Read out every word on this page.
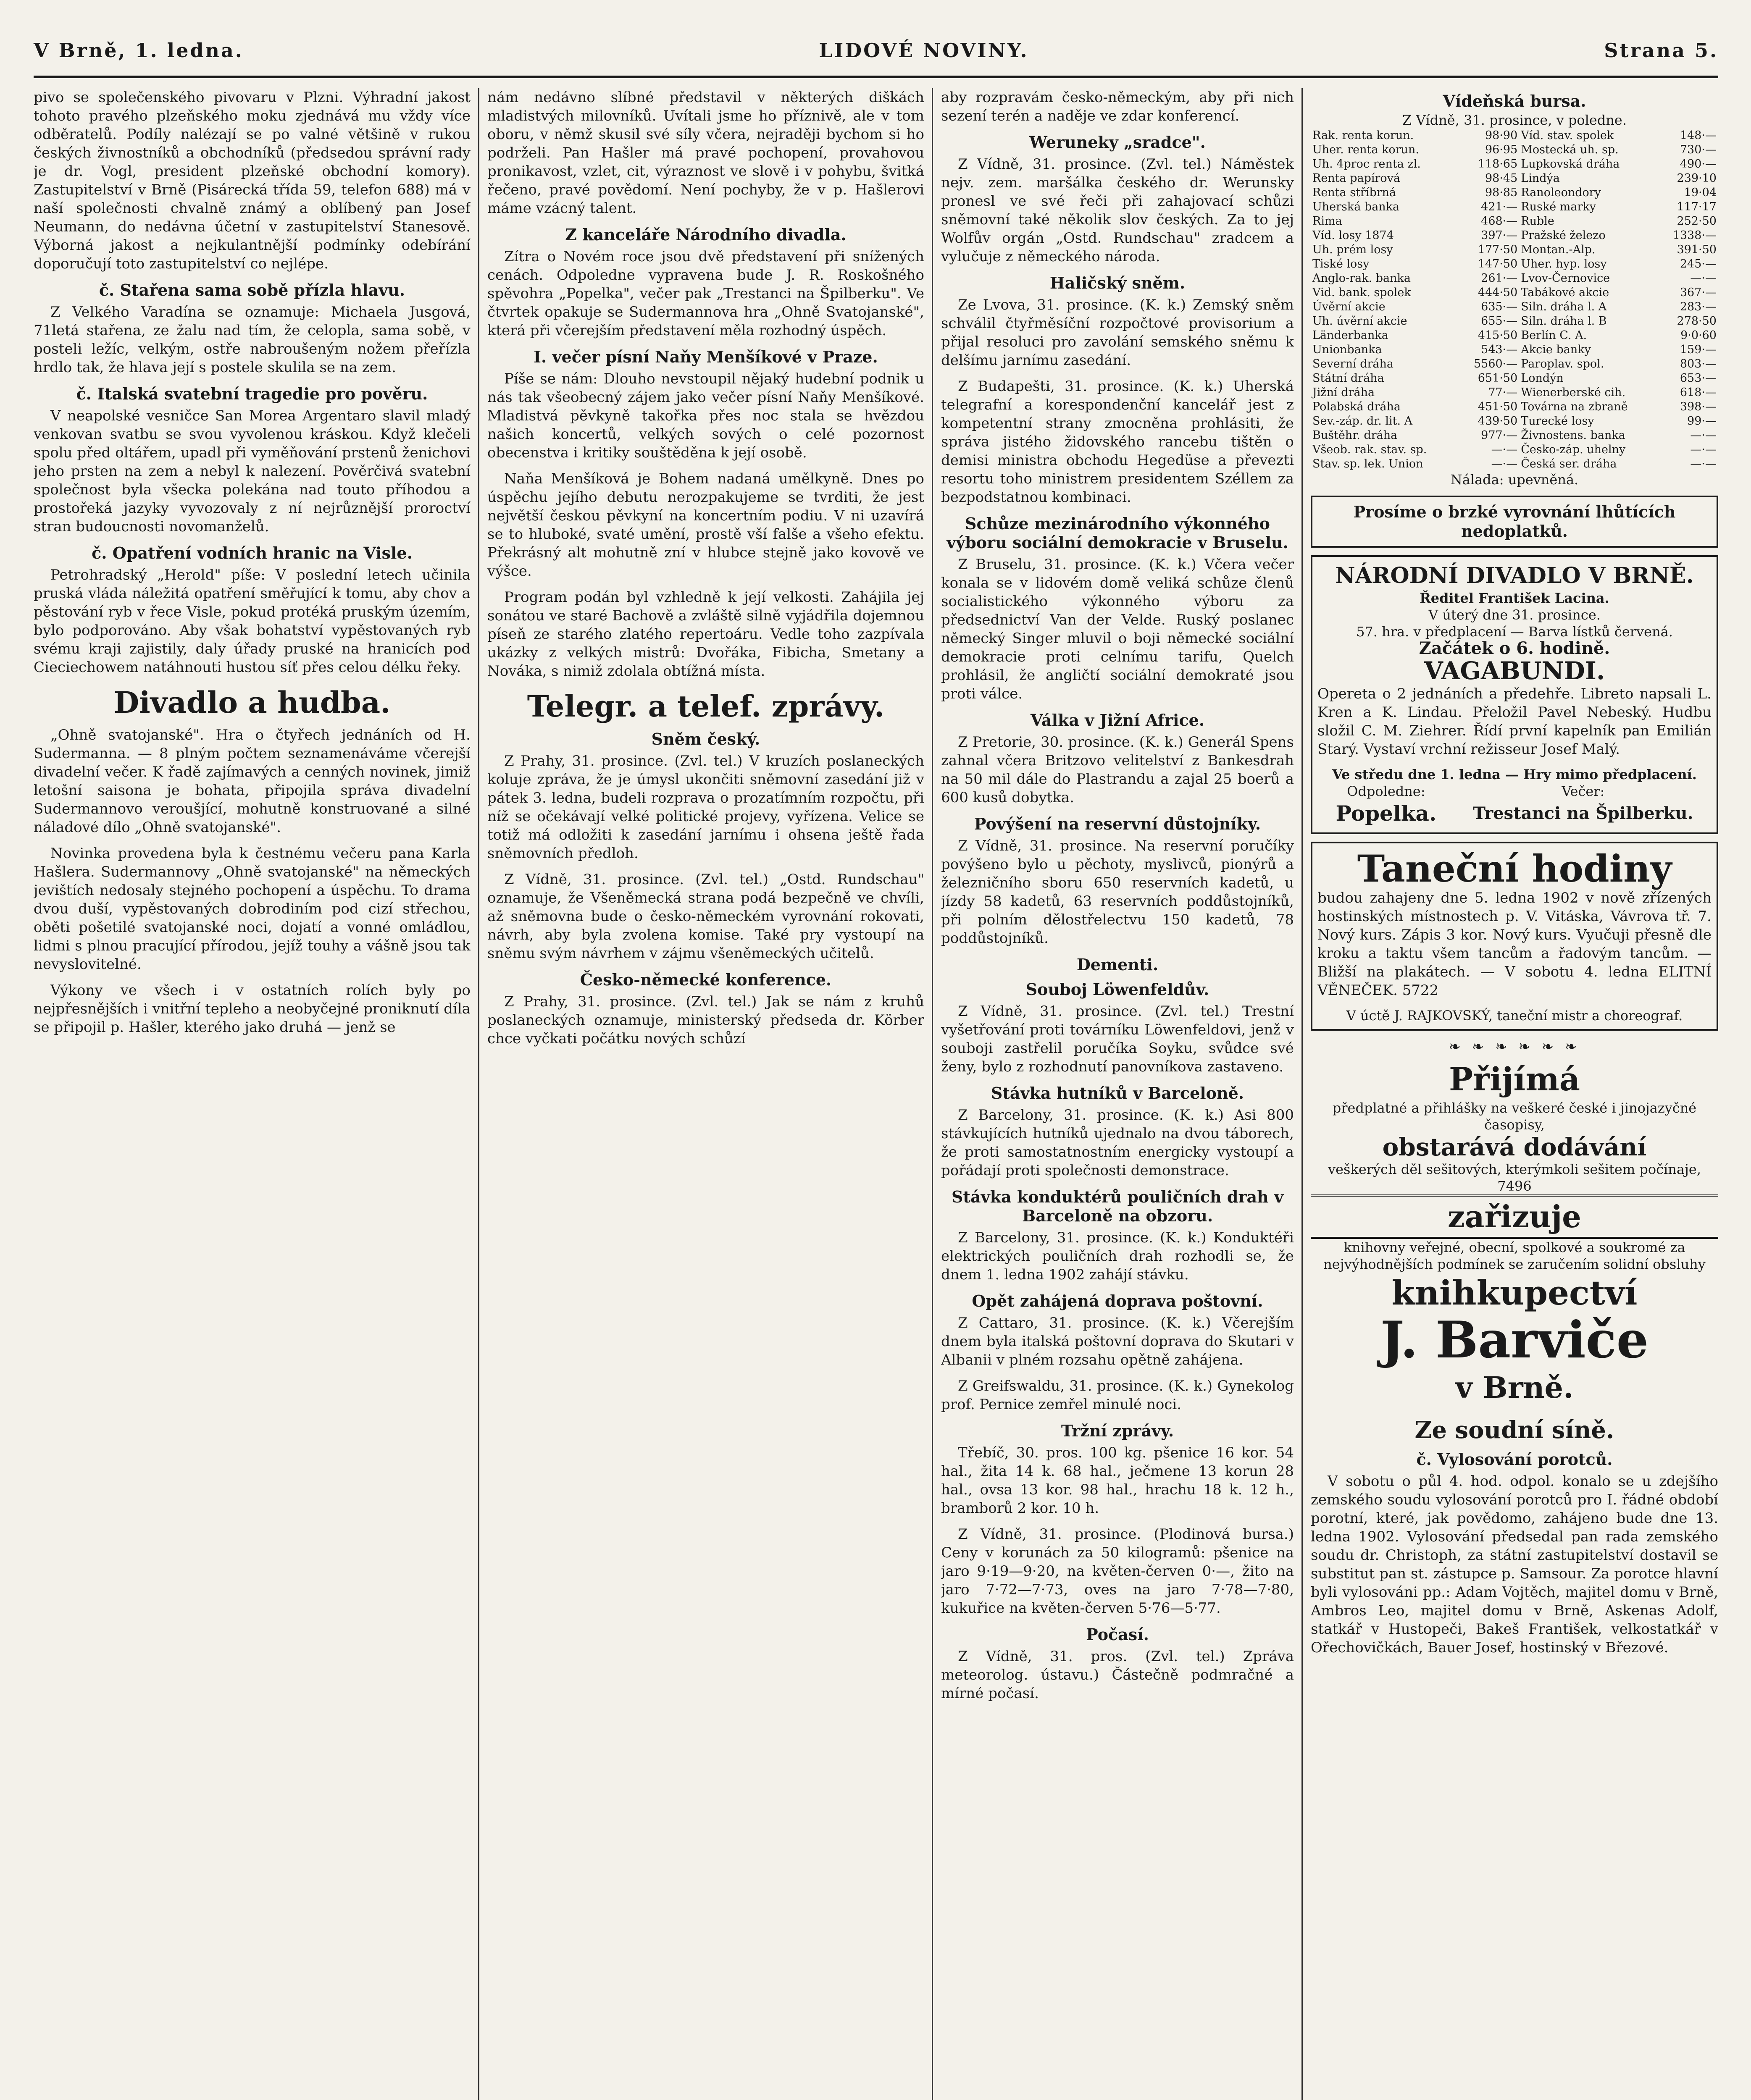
V Brně, 1. ledna.	LIDOVÉ NOVINY.	Strana 5.

pivo se společenského pivovaru v Plzni. Výhradní jakost tohoto pravého plzeňského moku zjednává mu vždy více odběratelů. Podíly nalézají se po valné většině v rukou českých živnostníků a obchodníků (předsedou správní rady je dr. Vogl, president plzeňské obchodní komory). Zastupitelství v Brně (Pisárecká třída 59, telefon 688) má v naší společnosti chvalně známý a oblíbený pan Josef Neumann, do nedávna účetní v zastupitelství Stanesově. Výborná jakost a nejkulantnější podmínky odebírání doporučují toto zastupitelství co nejlépe.

č. Stařena sama sobě přízla hlavu.

Z Velkého Varadína se oznamuje: Michaela Jusgová, 71letá stařena, ze žalu nad tím, že celopla, sama sobě, v posteli ležíc, velkým, ostře nabroušeným nožem přeřízla hrdlo tak, že hlava její s postele skulila se na zem.

č. Italská svatební tragedie pro pověru.

V neapolské vesničce San Morea Argentaro slavil mladý venkovan svatbu se svou vyvolenou kráskou. Když klečeli spolu před oltářem, upadl při vyměňování prstenů ženichovi jeho prsten na zem a nebyl k nalezení. Pověrčivá svatební společnost byla všecka polekána nad touto příhodou a prostořeká jazyky vyvozovaly z ní nejrůznější proroctví stran budoucnosti novomanželů.

č. Opatření vodních hranic na Visle.

Petrohradský „Herold" píše: V poslední letech učinila pruská vláda náležitá opatření směřující k tomu, aby chov a pěstování ryb v řece Visle, pokud protéká pruským územím, bylo podporováno. Aby však bohatství vypěstovaných ryb svému kraji zajistily, daly úřady pruské na hranicích pod Cieciechowem natáhnouti hustou síť přes celou délku řeky.

Divadlo a hudba.

„Ohně svatojanské". Hra o čtyřech jednáních od H. Sudermanna. — 8 plným počtem seznamenáváme včerejší divadelní večer. K řadě zajímavých a cenných novinek, jimiž letošní saisona je bohata, připojila správa divadelní Sudermannovo veroušjící, mohutně konstruované a silné náladové dílo „Ohně svatojanské".

Novinka provedena byla k čestnému večeru pana Karla Hašlera. Sudermannovy „Ohně svatojanské" na německých jevištích nedosaly stejného pochopení a úspěchu. To drama dvou duší, vypěstovaných dobrodiním pod cizí střechou, oběti pošetilé svatojanské noci, dojatí a vonné omládlou, lidmi s plnou pracující přírodou, jejíž touhy a vášně jsou tak nevyslovitelné.

Výkony ve všech i v ostatních rolích byly po nejpřesnějších i vnitřní tepleho a neobyčejné proniknutí díla se připojil p. Hašler, kterého jako druhá — jenž se

nám nedávno slíbné představil v některých diškách mladistvých milovníků. Uvítali jsme ho příznivě, ale v tom oboru, v němž skusil své síly včera, nejraději bychom si ho podrželi. Pan Hašler má pravé pochopení, provahovou pronikavost, vzlet, cit, výraznost ve slově i v pohybu, švitká řečeno, pravé povědomí. Není pochyby, že v p. Hašlerovi máme vzácný talent.

Z kanceláře Národního divadla.

Zítra o Novém roce jsou dvě představení při snížených cenách. Odpoledne vypravena bude J. R. Roskošného spěvohra „Popelka", večer pak „Trestanci na Špilberku". Ve čtvrtek opakuje se Sudermannova hra „Ohně Svatojanské", která při včerejším představení měla rozhodný úspěch.

I. večer písní Naňy Menšíkové v Praze.

Píše se nám: Dlouho nevstoupil nějaký hudební podnik u nás tak všeobecný zájem jako večer písní Naňy Menšíkové. Mladistvá pěvkyně takořka přes noc stala se hvězdou našich koncertů, velkých sových o celé pozornost obecenstva i kritiky souštěděna k její osobě.

Naňa Menšíková je Bohem nadaná umělkyně. Dnes po úspěchu jejího debutu nerozpakujeme se tvrditi, že jest největší českou pěvkyní na koncertním podiu. V ni uzavírá se to hluboké, svaté umění, prostě vší falše a všeho efektu. Překrásný alt mohutně zní v hlubce stejně jako kovově ve výšce.

Program podán byl vzhledně k její velkosti. Zahájila jej sonátou ve staré Bachově a zvláště silně vyjádřila dojemnou píseň ze starého zlatého repertoáru. Vedle toho zazpívala ukázky z velkých mistrů: Dvořáka, Fibicha, Smetany a Nováka, s nimiž zdolala obtížná místa.

Telegr. a telef. zprávy.
Sněm český.

Z Prahy, 31. prosince. (Zvl. tel.) V kruzích poslaneckých koluje zpráva, že je úmysl ukončiti sněmovní zasedání již v pátek 3. ledna, budeli rozprava o prozatímním rozpočtu, při níž se očekávají velké politické projevy, vyřízena. Velice se totiž má odložiti k zasedání jarnímu i ohsena ještě řada sněmovních předloh.

Z Vídně, 31. prosince. (Zvl. tel.) „Ostd. Rundschau" oznamuje, že Všeněmecká strana podá bezpečně ve chvíli, až sněmovna bude o česko-německém vyrovnání rokovati, návrh, aby byla zvolena komise. Také pry vystoupí na sněmu svým návrhem v zájmu všeněmeckých učitelů.

Česko-německé konference.

Z Prahy, 31. prosince. (Zvl. tel.) Jak se nám z kruhů poslaneckých oznamuje, ministerský předseda dr. Körber chce vyčkati počátku nových schůzí

aby rozpravám česko-německým, aby při nich sezení terén a naděje ve zdar konferencí.

Weruneky „sradce".

Z Vídně, 31. prosince. (Zvl. tel.) Náměstek nejv. zem. maršálka českého dr. Werunsky pronesl ve své řeči při zahajovací schůzi sněmovní také několik slov českých. Za to jej Wolfův orgán „Ostd. Rundschau" zradcem a vylučuje z německého národa.

Haličský sněm.

Ze Lvova, 31. prosince. (K. k.) Zemský sněm schválil čtyřměsíční rozpočtové provisorium a přijal resoluci pro zavolání semského sněmu k delšímu jarnímu zasedání.

Z Budapešti, 31. prosince. (K. k.) Uherská telegrafní a korespondenční kancelář jest z kompetentní strany zmocněna prohlásiti, že správa jistého židovského rancebu tištěn o demisi ministra obchodu Hegedüse a převezti resortu toho ministrem presidentem Széllem za bezpodstatnou kombinaci.

Schůze mezinárodního výkonného výboru sociální demokracie v Bruselu.

Z Bruselu, 31. prosince. (K. k.) Včera večer konala se v lidovém domě veliká schůze členů socialistického výkonného výboru za předsednictví Van der Velde. Ruský poslanec německý Singer mluvil o boji německé sociální demokracie proti celnímu tarifu, Quelch prohlásil, že angličtí sociální demokraté jsou proti válce.

Válka v Jižní Africe.

Z Pretorie, 30. prosince. (K. k.) Generál Spens zahnal včera Britzovo velitelství z Bankesdrah na 50 mil dále do Plastrandu a zajal 25 boerů a 600 kusů dobytka.

Povýšení na reservní důstojníky.

Z Vídně, 31. prosince. Na reservní poručíky povýšeno bylo u pěchoty, myslivců, pionýrů a železničního sboru 650 reservních kadetů, u jízdy 58 kadetů, 63 reservních poddůstojníků, při polním dělostřelectvu 150 kadetů, 78 poddůstojníků.

Dementi.
Souboj Löwenfeldův.

Z Vídně, 31. prosince. (Zvl. tel.) Trestní vyšetřování proti továrníku Löwenfeldovi, jenž v souboji zastřelil poručíka Soyku, svůdce své ženy, bylo z rozhodnutí panovníkova zastaveno.

Stávka hutníků v Barceloně.

Z Barcelony, 31. prosince. (K. k.) Asi 800 stávkujících hutníků ujednalo na dvou táborech, že proti samostatnostním energicky vystoupí a pořádají proti společnosti demonstrace.

Stávka konduktérů pouličních drah v Barceloně na obzoru.

Z Barcelony, 31. prosince. (K. k.) Konduktéři elektrických pouličních drah rozhodli se, že dnem 1. ledna 1902 zahájí stávku.

Opět zahájená doprava poštovní.

Z Cattaro, 31. prosince. (K. k.) Včerejším dnem byla italská poštovní doprava do Skutari v Albanii v plném rozsahu opětně zahájena.

Z Greifswaldu, 31. prosince. (K. k.) Gynekolog prof. Pernice zemřel minulé noci.

Tržní zprávy.

Třebíč, 30. pros. 100 kg. pšenice 16 kor. 54 hal., žita 14 k. 68 hal., ječmene 13 korun 28 hal., ovsa 13 kor. 98 hal., hrachu 18 k. 12 h., bramborů 2 kor. 10 h.

Z Vídně, 31. prosince. (Plodinová bursa.) Ceny v korunách za 50 kilogramů: pšenice na jaro 9·19—9·20, na květen-červen 0·—, žito na jaro 7·72—7·73, oves na jaro 7·78—7·80, kukuřice na květen-červen 5·76—5·77.

Počasí.

Z Vídně, 31. pros. (Zvl. tel.) Zpráva meteorolog. ústavu.) Částečně podmračné a mírné počasí.

Vídeňská bursa.
Z Vídně, 31. prosince, v poledne.
Rak. renta korun.	98·90	Víd. stav. spolek	148·—
Uher. renta korun.	96·95	Mostecká uh. sp.	730·—
Uh. 4proc renta zl.	118·65	Lupkovská dráha	490·—
Renta papírová	98·45	Lindýa	239·10
Renta stříbrná	98·85	Ranoleondory	19·04
Uherská banka	421·—	Ruské marky	117·17
Rima	468·—	Ruble	252·50
Víd. losy 1874	397·—	Pražské železo	1338·—
Uh. prém losy	177·50	Montan.-Alp.	391·50
Tiské losy	147·50	Uher. hyp. losy	245·—
Anglo-rak. banka	261·—	Lvov-Černovice	—·—
Vid. bank. spolek	444·50	Tabákové akcie	367·—
Úvěrní akcie	635·—	Siln. dráha l. A	283·—
Uh. úvěrní akcie	655·—	Siln. dráha l. B	278·50
Länderbanka	415·50	Berlín C. A.	9·0·60
Unionbanka	543·—	Akcie banky	159·—
Severní dráha	5560·—	Paroplav. spol.	803·—
Státní dráha	651·50	Londýn	653·—
Jižní dráha	77·—	Wienerberské cih.	618·—
Polabská dráha	451·50	Továrna na zbraně	398·—
Sev.-záp. dr. lit. A	439·50	Turecké losy	99·—
Buštěhr. dráha	977·—	Živnostens. banka	—·—
Všeob. rak. stav. sp.	—·—	Česko-záp. uhelny	—·—
Stav. sp. lek. Union	—·—	Česká ser. dráha	—·—
Nálada: upevněná.
Prosíme o brzké vyrovnání lhůtících nedoplatků.
NÁRODNÍ DIVADLO V BRNĚ.
Ředitel František Lacina.
V úterý dne 31. prosince.
57. hra. v předplacení — Barva lístků červená.
Začátek o 6. hodině.
VAGABUNDI.

Opereta o 2 jednáních a předehře. Libreto napsali L. Kren a K. Lindau. Přeložil Pavel Nebeský. Hudbu složil C. M. Ziehrer. Řídí první kapelník pan Emilián Starý. Vystaví vrchní režisseur Josef Malý.

Ve středu dne 1. ledna — Hry mimo předplacení.
Odpoledne:
Popelka.
Večer:
Trestanci na Špilberku.
Taneční hodiny

budou zahajeny dne 5. ledna 1902 v nově zřízených hostinských místnostech p. V. Vitáska, Vávrova tř. 7. Nový kurs. Zápis 3 kor. Nový kurs. Vyučuji přesně dle kroku a taktu všem tancům a řadovým tancům. — Bližší na plakátech. — V sobotu 4. ledna ELITNÍ VĚNEČEK. 5722

V úctě J. RAJKOVSKÝ, taneční mistr a choreograf.
❧ ❧ ❧ ❧ ❧ ❧
Přijímá
předplatné a přihlášky na veškeré české i jinojazyčné časopisy,
obstarává dodávání
veškerých děl sešitových, kterýmkoli sešitem počínaje, 7496
zařizuje
knihovny veřejné, obecní, spolkové a soukromé za nejvýhodnějších podmínek se zaručením solidní obsluhy
knihkupectví
J. Barviče
v Brně.
Ze soudní síně.
č. Vylosování porotců.

V sobotu o půl 4. hod. odpol. konalo se u zdejšího zemského soudu vylosování porotců pro I. řádné období porotní, které, jak povědomo, zahájeno bude dne 13. ledna 1902. Vylosování předsedal pan rada zemského soudu dr. Christoph, za státní zastupitelství dostavil se substitut pan st. zástupce p. Samsour. Za porotce hlavní byli vylosováni pp.: Adam Vojtěch, majitel domu v Brně, Ambros Leo, majitel domu v Brně, Askenas Adolf, statkář v Hustopeči, Bakeš František, velkostatkář v Ořechovičkách, Bauer Josef, hostinský v Březové.
